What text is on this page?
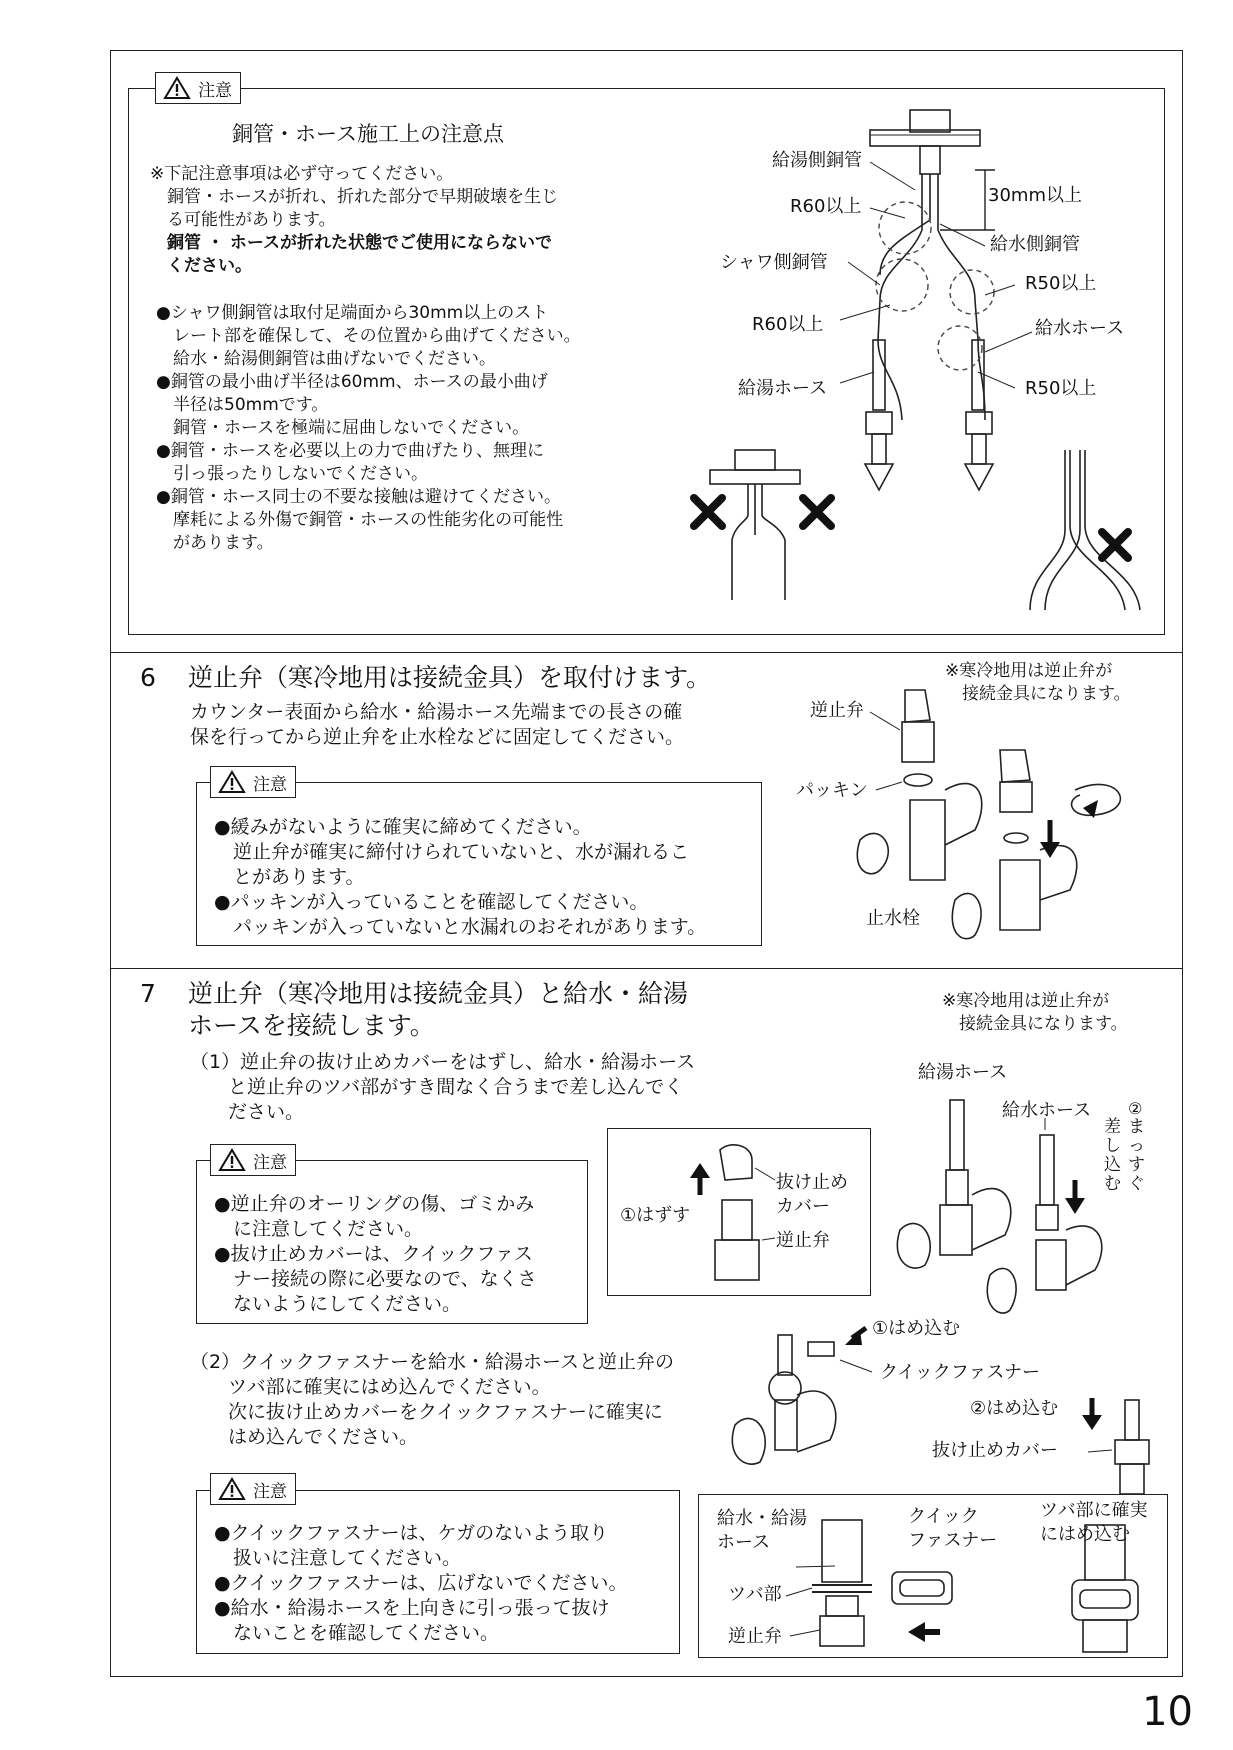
注意
銅管・ホース施工上の注意点
※下記注意事項は必ず守ってください。
　銅管・ホースが折れ、折れた部分で早期破壊を生じ
　る可能性があります。
　銅管 ・ ホースが折れた状態でご使用にならないで
　ください。
●シャワ側銅管は取付足端面から30mm以上のスト
　レート部を確保して、その位置から曲げてください。
　給水・給湯側銅管は曲げないでください。
●銅管の最小曲げ半径は60mm、ホースの最小曲げ
　半径は50mmです。
　銅管・ホースを極端に屈曲しないでください。
●銅管・ホースを必要以上の力で曲げたり、無理に
　引っ張ったりしないでください。
●銅管・ホース同士の不要な接触は避けてください。
　摩耗による外傷で銅管・ホースの性能劣化の可能性
　があります。
給湯側銅管
R60以上
30mm以上
給水側銅管
シャワ側銅管
R50以上
R60以上	給水ホース
給湯ホース	R50以上
6 逆止弁（寒冷地用は接続金具）を取付けます。
カウンター表面から給水・給湯ホース先端までの長さの確
保を行ってから逆止弁を止水栓などに固定してください。
※寒冷地用は逆止弁が
　接続金具になります。
注意
●緩みがないように確実に締めてください。
　逆止弁が確実に締付けられていないと、水が漏れるこ
　とがあります。
●パッキンが入っていることを確認してください。
　パッキンが入っていないと水漏れのおそれがあります。
逆止弁
パッキン
止水栓
7 逆止弁（寒冷地用は接続金具）と給水・給湯
ホースを接続します。
※寒冷地用は逆止弁が
　接続金具になります。
（1）逆止弁の抜け止めカバーをはずし、給水・給湯ホース
　　と逆止弁のツバ部がすき間なく合うまで差し込んでく
　　ださい。
注意
●逆止弁のオーリングの傷、ゴミかみ
　に注意してください。
●抜け止めカバーは、クイックファス
　ナー接続の際に必要なので、なくさ
　ないようにしてください。
①はずす
抜け止め
カバー
逆止弁
給湯ホース
給水ホース ②
まっすぐ
差し込む
（2）クイックファスナーを給水・給湯ホースと逆止弁の
　　ツバ部に確実にはめ込んでください。
　　次に抜け止めカバーをクイックファスナーに確実に
　　はめ込んでください。
①はめ込む
クイックファスナー
②はめ込む
抜け止めカバー
注意
●クイックファスナーは、ケガのないよう取り
　扱いに注意してください。
●クイックファスナーは、広げないでください。
●給水・給湯ホースを上向きに引っ張って抜け
　ないことを確認してください。
給水・給湯
ホース
ツバ部
逆止弁
クイック
ファスナー
ツバ部に確実
にはめ込む
10
